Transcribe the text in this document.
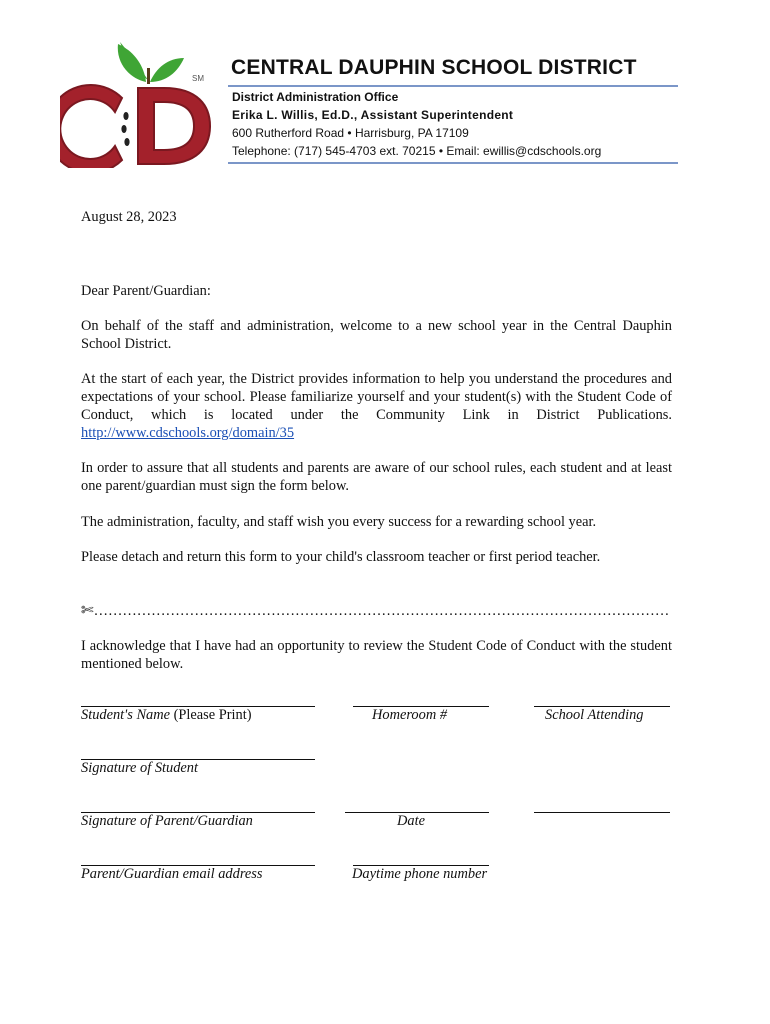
SM
CD
CENTRAL DAUPHIN SCHOOL DISTRICT
District Administration Office
Erika L. Willis, Ed.D., Assistant Superintendent
600 Rutherford Road • Harrisburg, PA 17109
Telephone: (717) 545-4703 ext. 70215 • Email: ewillis@cdschools.org
August 28, 2023
Dear Parent/Guardian:
On behalf of the staff and administration, welcome to a new school year in the Central Dauphin School District.
At the start of each year, the District provides information to help you understand the procedures and expectations of your school. Please familiarize yourself and your student(s) with the Student Code of Conduct, which is located under the Community Link in District Publications. http://www.cdschools.org/domain/35
In order to assure that all students and parents are aware of our school rules, each student and at least one parent/guardian must sign the form below.
The administration, faculty, and staff wish you every success for a rewarding school year.
Please detach and return this form to your child's classroom teacher or first period teacher.
✄…………………………………………………………………………………………………………
I acknowledge that I have had an opportunity to review the Student Code of Conduct with the student mentioned below.
Student's Name (Please Print)	Homeroom #	School Attending
Signature of Student
Signature of Parent/Guardian	Date
Parent/Guardian email address	Daytime phone number
